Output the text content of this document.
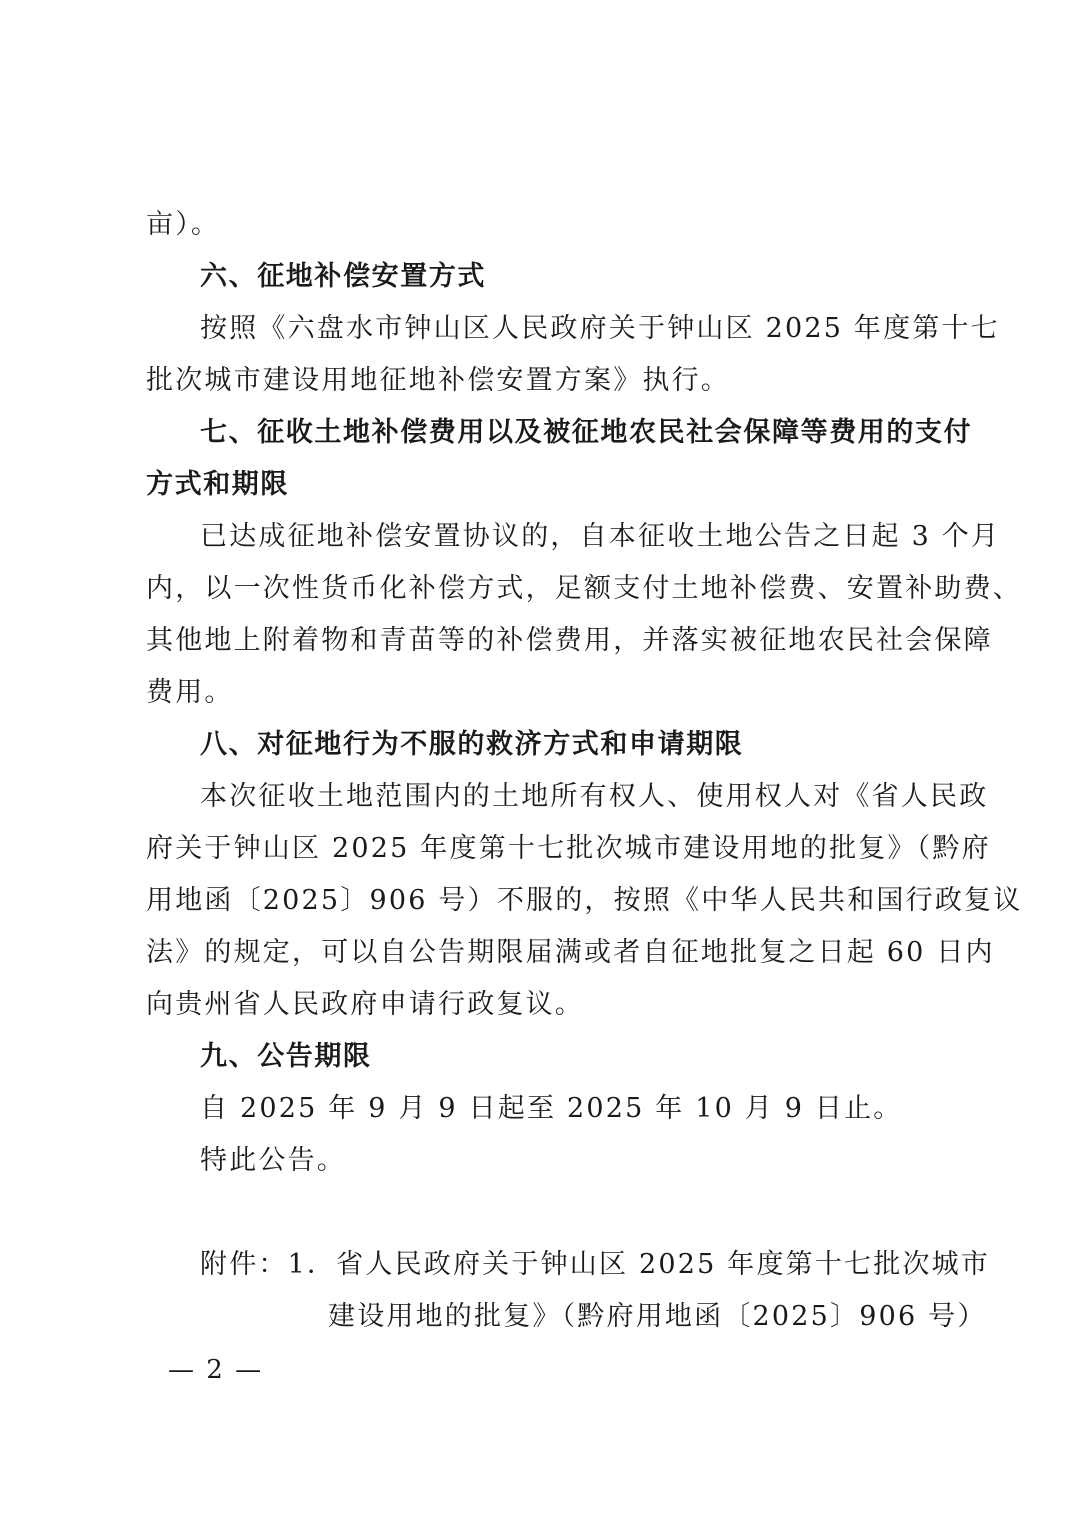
亩）。
六、征地补偿安置方式
按照《六盘水市钟山区人民政府关于钟山区 2025 年度第十七
批次城市建设用地征地补偿安置方案》执行。
七、征收土地补偿费用以及被征地农民社会保障等费用的支付
方式和期限
已达成征地补偿安置协议的，自本征收土地公告之日起 3 个月
内，以一次性货币化补偿方式，足额支付土地补偿费、安置补助费、
其他地上附着物和青苗等的补偿费用，并落实被征地农民社会保障
费用。
八、对征地行为不服的救济方式和申请期限
本次征收土地范围内的土地所有权人、使用权人对《省人民政
府关于钟山区 2025 年度第十七批次城市建设用地的批复》（黔府
用地函〔2025〕906 号）不服的，按照《中华人民共和国行政复议
法》的规定，可以自公告期限届满或者自征地批复之日起 60 日内
向贵州省人民政府申请行政复议。
九、公告期限
自 2025 年 9 月 9 日起至 2025 年 10 月 9 日止。
特此公告。
附件：1．省人民政府关于钟山区 2025 年度第十七批次城市
建设用地的批复》（黔府用地函〔2025〕906 号）
— 2 —
